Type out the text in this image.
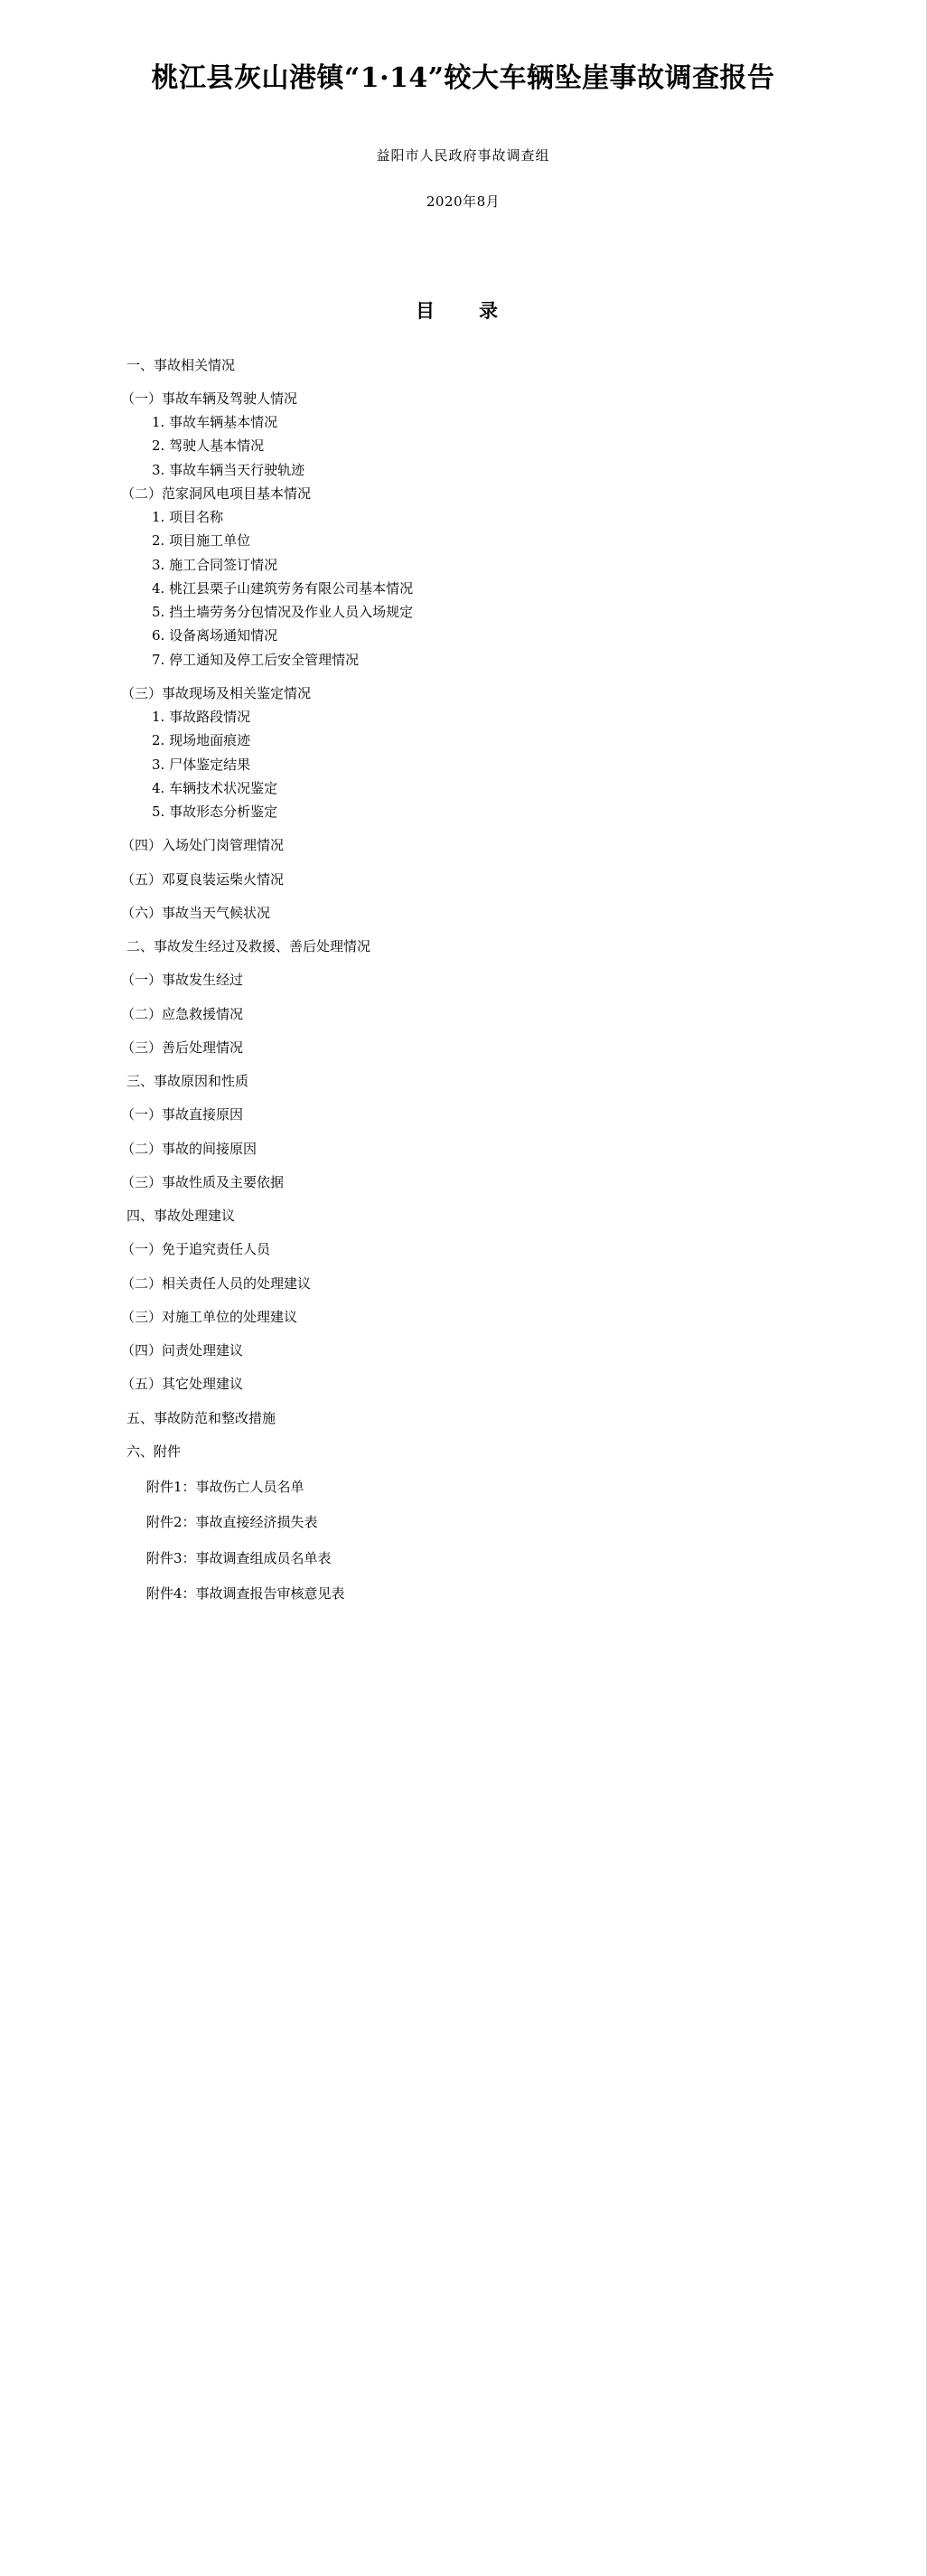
桃江县灰山港镇“1·14”较大车辆坠崖事故调查报告
益阳市人民政府事故调查组
2020年8月
目　录
一、事故相关情况
（一）事故车辆及驾驶人情况
1. 事故车辆基本情况
2. 驾驶人基本情况
3. 事故车辆当天行驶轨迹
（二）范家洞风电项目基本情况
1. 项目名称
2. 项目施工单位
3. 施工合同签订情况
4. 桃江县栗子山建筑劳务有限公司基本情况
5. 挡土墙劳务分包情况及作业人员入场规定
6. 设备离场通知情况
7. 停工通知及停工后安全管理情况
（三）事故现场及相关鉴定情况
1. 事故路段情况
2. 现场地面痕迹
3. 尸体鉴定结果
4. 车辆技术状况鉴定
5. 事故形态分析鉴定
（四）入场处门岗管理情况
（五）邓夏良装运柴火情况
（六）事故当天气候状况
二、事故发生经过及救援、善后处理情况
（一）事故发生经过
（二）应急救援情况
（三）善后处理情况
三、事故原因和性质
（一）事故直接原因
（二）事故的间接原因
（三）事故性质及主要依据
四、事故处理建议
（一）免于追究责任人员
（二）相关责任人员的处理建议
（三）对施工单位的处理建议
（四）问责处理建议
（五）其它处理建议
五、事故防范和整改措施
六、附件
附件1：事故伤亡人员名单
附件2：事故直接经济损失表
附件3：事故调查组成员名单表
附件4：事故调查报告审核意见表
